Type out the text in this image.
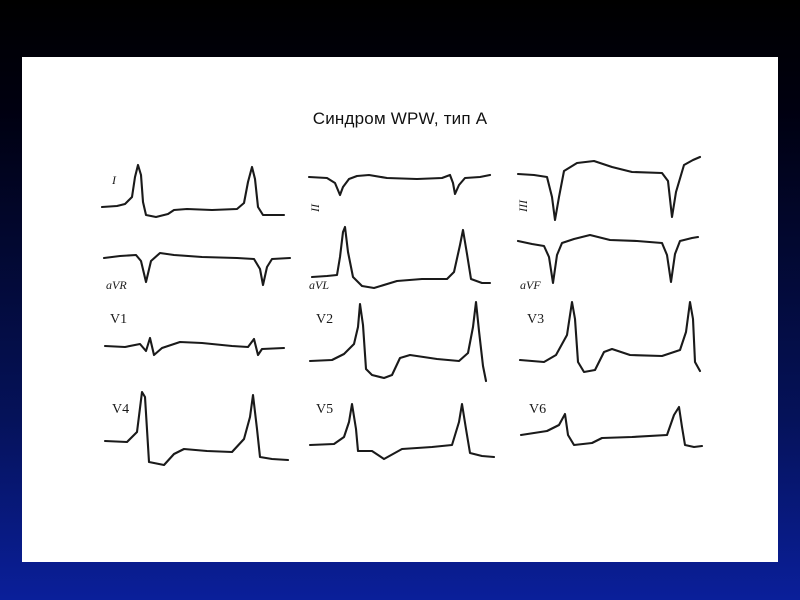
Синдром WPW, тип А
I
II	III
aVR	aVL	aVF
V1	V2	V3
V4	V5	V6
